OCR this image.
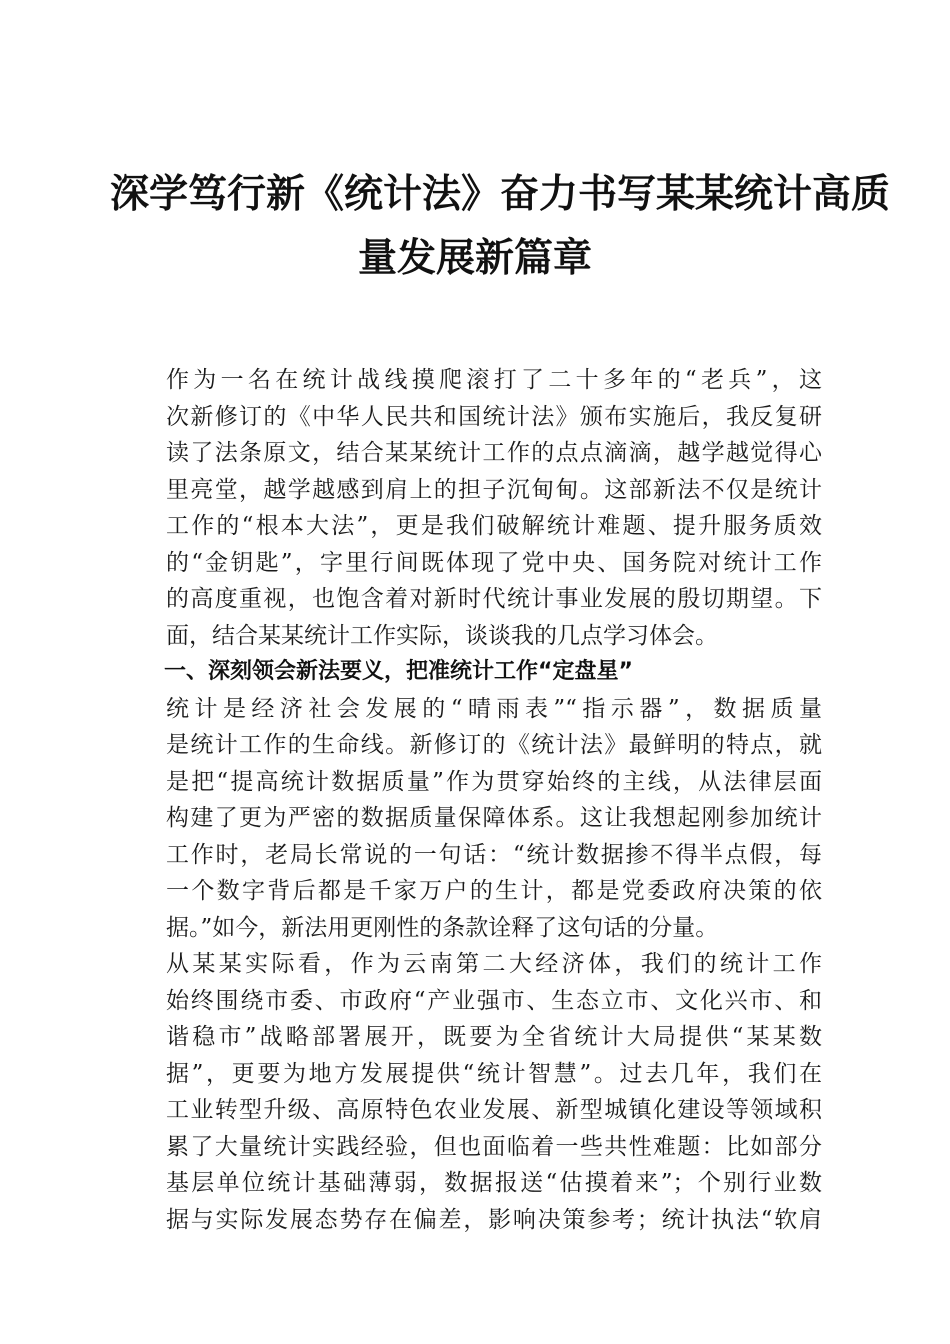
深学笃行新《统计法》奋力书写某某统计高质
量发展新篇章
作为一名在统计战线摸爬滚打了二十多年的“老兵”，这
次新修订的《中华人民共和国统计法》颁布实施后，我反复研
读了法条原文，结合某某统计工作的点点滴滴，越学越觉得心
里亮堂，越学越感到肩上的担子沉甸甸。这部新法不仅是统计
工作的“根本大法”，更是我们破解统计难题、提升服务质效
的“金钥匙”，字里行间既体现了党中央、国务院对统计工作
的高度重视，也饱含着对新时代统计事业发展的殷切期望。下
面，结合某某统计工作实际，谈谈我的几点学习体会。
一、深刻领会新法要义，把准统计工作“定盘星”
统计是经济社会发展的“晴雨表”“指示器”，数据质量
是统计工作的生命线。新修订的《统计法》最鲜明的特点，就
是把“提高统计数据质量”作为贯穿始终的主线，从法律层面
构建了更为严密的数据质量保障体系。这让我想起刚参加统计
工作时，老局长常说的一句话：“统计数据掺不得半点假，每
一个数字背后都是千家万户的生计，都是党委政府决策的依
据。”如今，新法用更刚性的条款诠释了这句话的分量。
从某某实际看，作为云南第二大经济体，我们的统计工作
始终围绕市委、市政府“产业强市、生态立市、文化兴市、和
谐稳市”战略部署展开，既要为全省统计大局提供“某某数
据”，更要为地方发展提供“统计智慧”。过去几年，我们在
工业转型升级、高原特色农业发展、新型城镇化建设等领域积
累了大量统计实践经验，但也面临着一些共性难题：比如部分
基层单位统计基础薄弱，数据报送“估摸着来”；个别行业数
据与实际发展态势存在偏差，影响决策参考；统计执法“软肩
